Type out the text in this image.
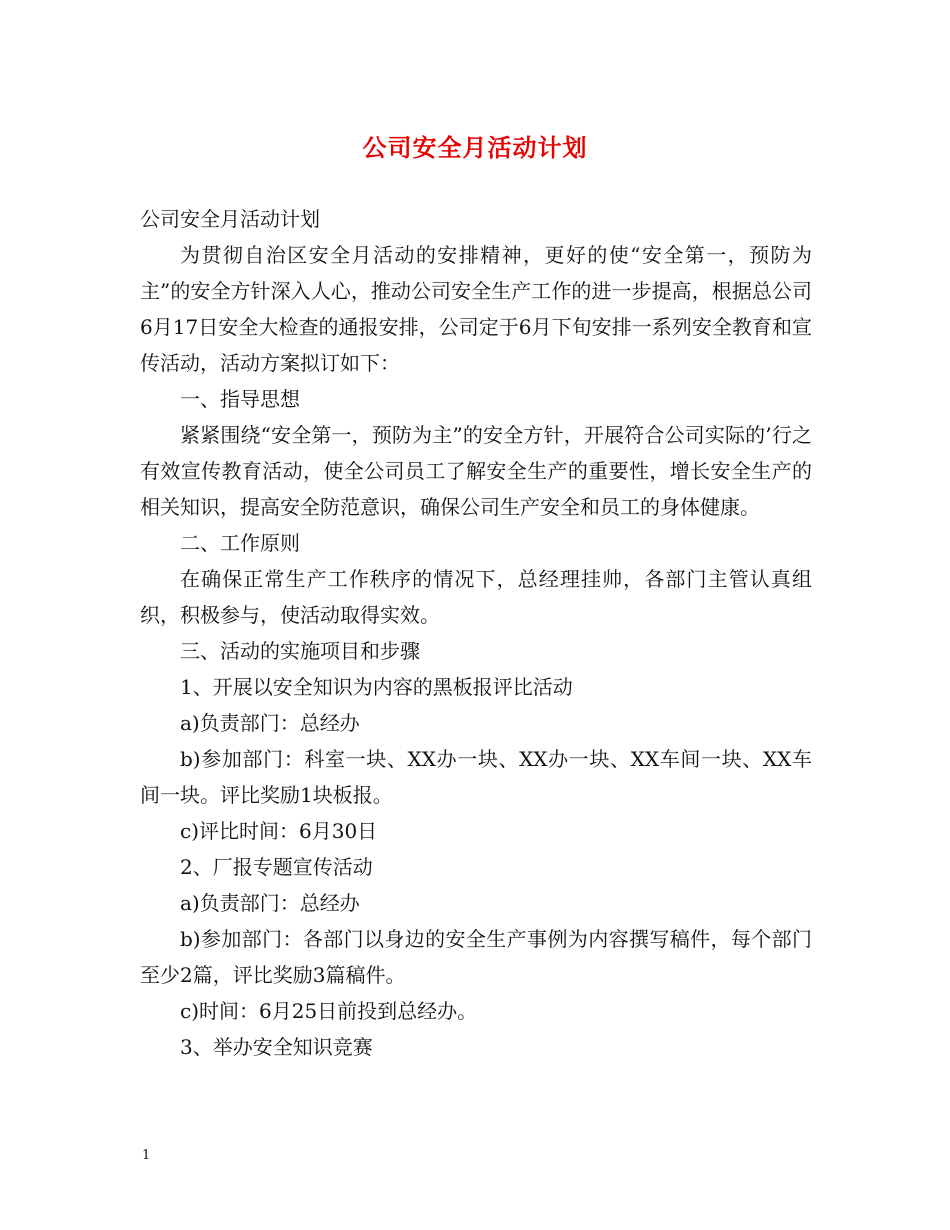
公司安全月活动计划

公司安全月活动计划

为贯彻自治区安全月活动的安排精神，更好的使“安全第一，预防为主”的安全方针深入人心，推动公司安全生产工作的进一步提高，根据总公司6月17日安全大检查的通报安排，公司定于6月下旬安排一系列安全教育和宣传活动，活动方案拟订如下：

一、指导思想

紧紧围绕“安全第一，预防为主”的安全方针，开展符合公司实际的’行之有效宣传教育活动，使全公司员工了解安全生产的重要性，增长安全生产的相关知识，提高安全防范意识，确保公司生产安全和员工的身体健康。

二、工作原则

在确保正常生产工作秩序的情况下，总经理挂帅，各部门主管认真组织，积极参与，使活动取得实效。

三、活动的实施项目和步骤

1、开展以安全知识为内容的黑板报评比活动

a)负责部门：总经办

b)参加部门：科室一块、XX办一块、XX办一块、XX车间一块、XX车间一块。评比奖励1块板报。

c)评比时间：6月30日

2、厂报专题宣传活动

a)负责部门：总经办

b)参加部门：各部门以身边的安全生产事例为内容撰写稿件，每个部门至少2篇，评比奖励3篇稿件。

c)时间：6月25日前投到总经办。

3、举办安全知识竞赛

1
